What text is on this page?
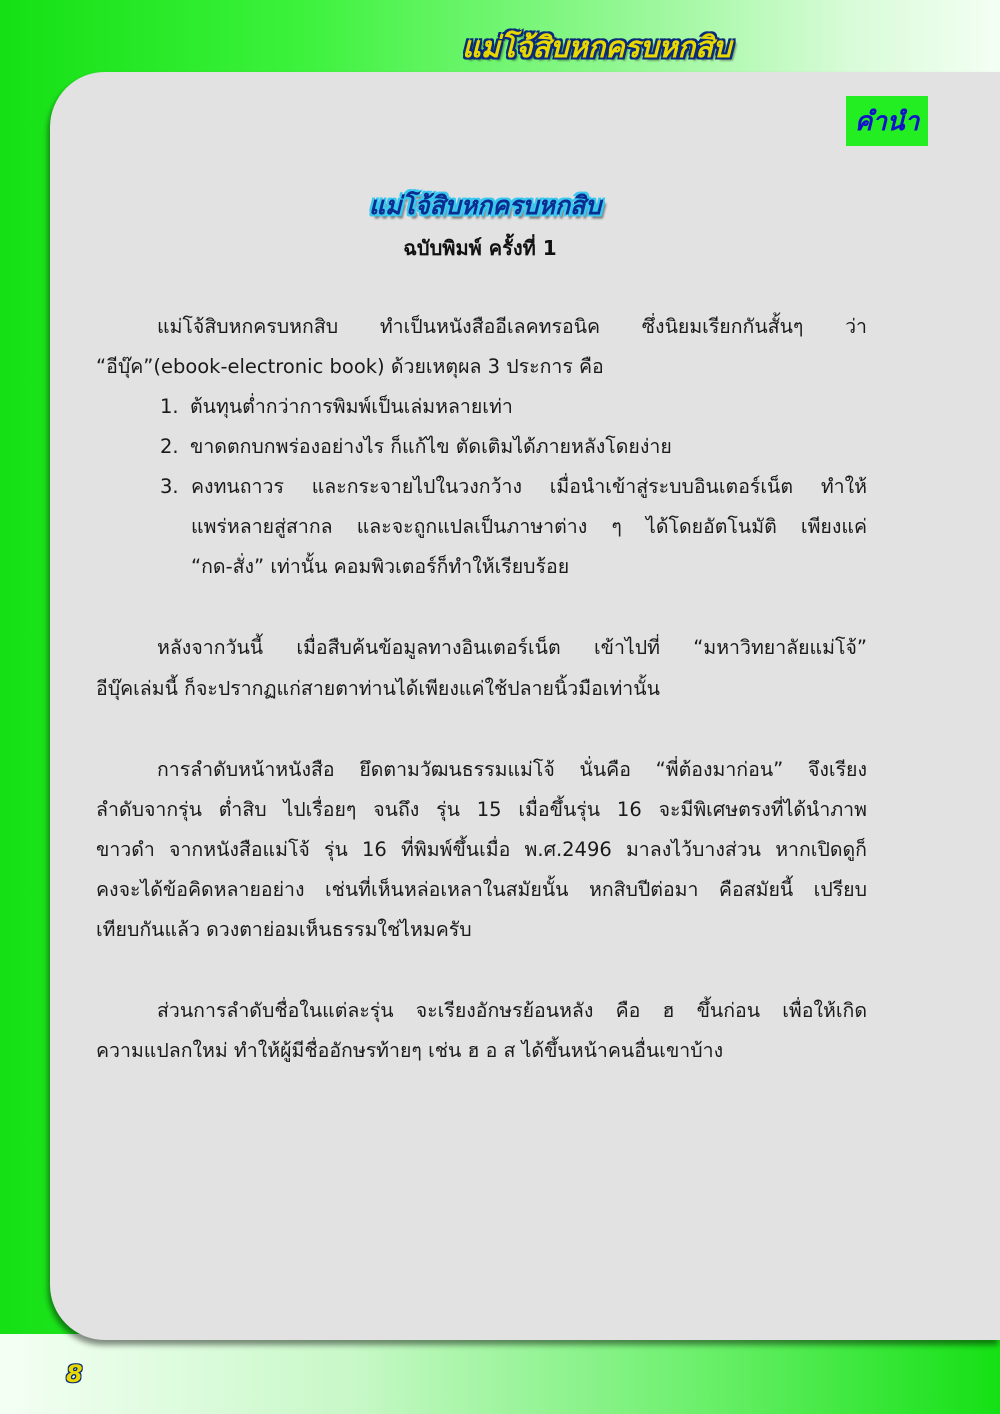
แม่โจ้สิบหกครบหกสิบ
คำนำ
แม่โจ้สิบหกครบหกสิบ
ฉบับพิมพ์ ครั้งที่ 1
แม่โจ้สิบหกครบหกสิบ ทำเป็นหนังสืออีเลคทรอนิค ซึ่งนิยมเรียกกันสั้นๆ ว่า
“อีบุ๊ค”(ebook-electronic book) ด้วยเหตุผล 3 ประการ คือ
1. ต้นทุนต่ำกว่าการพิมพ์เป็นเล่มหลายเท่า
2. ขาดตกบกพร่องอย่างไร ก็แก้ไข ตัดเติมได้ภายหลังโดยง่าย
3. คงทนถาวร และกระจายไปในวงกว้าง เมื่อนำเข้าสู่ระบบอินเตอร์เน็ต ทำให้
แพร่หลายสู่สากล และจะถูกแปลเป็นภาษาต่าง ๆ ได้โดยอัตโนมัติ เพียงแค่
“กด-สั่ง” เท่านั้น คอมพิวเตอร์ก็ทำให้เรียบร้อย
หลังจากวันนี้ เมื่อสืบค้นข้อมูลทางอินเตอร์เน็ต เข้าไปที่ “มหาวิทยาลัยแม่โจ้”
อีบุ๊คเล่มนี้ ก็จะปรากฏแก่สายตาท่านได้เพียงแค่ใช้ปลายนิ้วมือเท่านั้น
การลำดับหน้าหนังสือ ยึดตามวัฒนธรรมแม่โจ้ นั่นคือ “พี่ต้องมาก่อน” จึงเรียง
ลำดับจากรุ่น ต่ำสิบ ไปเรื่อยๆ จนถึง รุ่น 15 เมื่อขึ้นรุ่น 16 จะมีพิเศษตรงที่ได้นำภาพ
ขาวดำ จากหนังสือแม่โจ้ รุ่น 16 ที่พิมพ์ขึ้นเมื่อ พ.ศ.2496 มาลงไว้บางส่วน หากเปิดดูก็
คงจะได้ข้อคิดหลายอย่าง เช่นที่เห็นหล่อเหลาในสมัยนั้น หกสิบปีต่อมา คือสมัยนี้ เปรียบ
เทียบกันแล้ว ดวงตาย่อมเห็นธรรมใช่ไหมครับ
ส่วนการลำดับชื่อในแต่ละรุ่น จะเรียงอักษรย้อนหลัง คือ ฮ ขึ้นก่อน เพื่อให้เกิด
ความแปลกใหม่ ทำให้ผู้มีชื่ออักษรท้ายๆ เช่น ฮ อ ส ได้ขึ้นหน้าคนอื่นเขาบ้าง
8
